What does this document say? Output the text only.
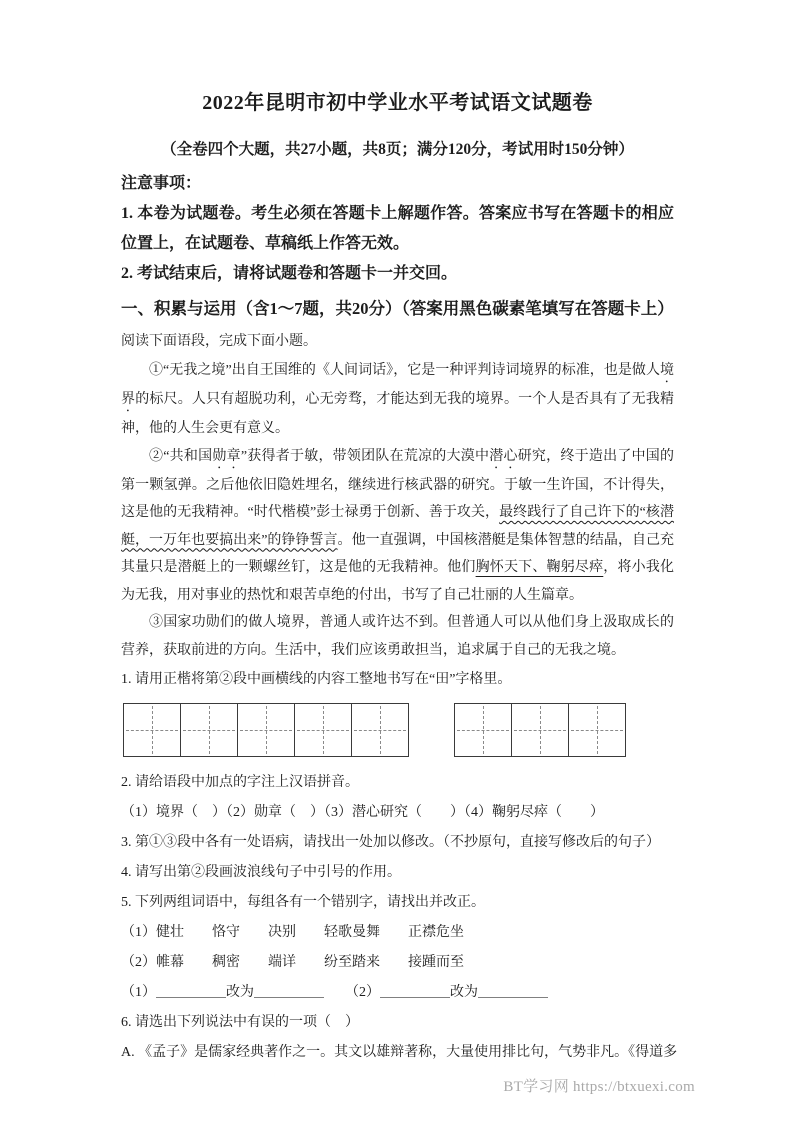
2022年昆明市初中学业水平考试语文试题卷

（全卷四个大题，共27小题，共8页；满分120分，考试用时150分钟）

注意事项：

1. 本卷为试题卷。考生必须在答题卡上解题作答。答案应书写在答题卡的相应位置上，在试题卷、草稿纸上作答无效。

2. 考试结束后，请将试题卷和答题卡一并交回。

一、积累与运用（含1～7题，共20分）（答案用黑色碳素笔填写在答题卡上）

阅读下面语段，完成下面小题。

①“无我之境”出自王国维的《人间词话》，它是一种评判诗词境界的标准，也是做人境界的标尺。人只有超脱功利，心无旁骛，才能达到无我的境界。一个人是否具有了无我精神，他的人生会更有意义。

②“共和国勋章”获得者于敏，带领团队在荒凉的大漠中潜心研究，终于造出了中国的第一颗氢弹。之后他依旧隐姓埋名，继续进行核武器的研究。于敏一生许国，不计得失，这是他的无我精神。“时代楷模”彭士禄勇于创新、善于攻关，最终践行了自己许下的“核潜艇，一万年也要搞出来”的铮铮誓言。他一直强调，中国核潜艇是集体智慧的结晶，自己充其量只是潜艇上的一颗螺丝钉，这是他的无我精神。他们胸怀天下、鞠躬尽瘁，将小我化为无我，用对事业的热忱和艰苦卓绝的付出，书写了自己壮丽的人生篇章。

③国家功勋们的做人境界，普通人或许达不到。但普通人可以从他们身上汲取成长的营养，获取前进的方向。生活中，我们应该勇敢担当，追求属于自己的无我之境。

1. 请用正楷将第②段中画横线的内容工整地书写在“田”字格里。

2. 请给语段中加点的字注上汉语拼音。

（1）境界（　）（2）勋章（　）（3）潜心研究（　　）（4）鞠躬尽瘁（　　）

3. 第①③段中各有一处语病，请找出一处加以修改。（不抄原句，直接写修改后的句子）

4. 请写出第②段画波浪线句子中引号的作用。

5. 下列两组词语中，每组各有一个错别字，请找出并改正。

（1）健壮　　恪守　　决别　　轻歌曼舞　　正襟危坐

（2）帷幕　　稠密　　端详　　纷至踏来　　接踵而至

（1）＿＿＿＿＿改为＿＿＿＿＿　　（2）＿＿＿＿＿改为＿＿＿＿＿

6. 请选出下列说法中有误的一项（　）

A. 《孟子》是儒家经典著作之一。其文以雄辩著称，大量使用排比句，气势非凡。《得道多

BT学习网 https://btxuexi.com
